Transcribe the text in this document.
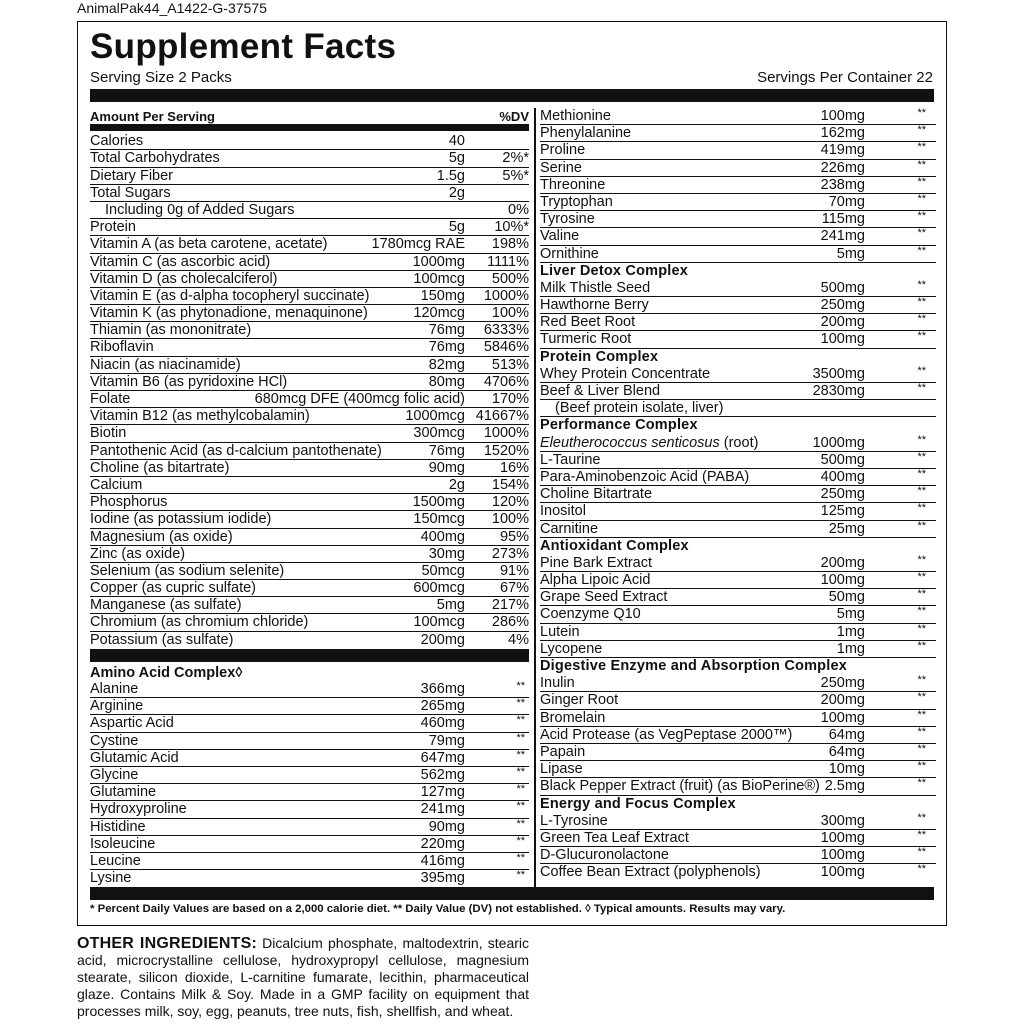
AnimalPak44_A1422-G-37575
Supplement Facts
Serving Size 2 Packs	Servings Per Container 22
Amount Per Serving	%DV
Calories	40
Total Carbohydrates	5g	2%*
Dietary Fiber	1.5g	5%*
Total Sugars	2g
Including 0g of Added Sugars	0%
Protein	5g 10%*
Vitamin A (as beta carotene, acetate)	1780mcg RAE 198%
Vitamin C (as ascorbic acid)	1000mg 1111%
Vitamin D (as cholecalciferol)	100mcg 500%
Vitamin E (as d-alpha tocopheryl succinate)	150mg 1000%
Vitamin K (as phytonadione, menaquinone)	120mcg 100%
Thiamin (as mononitrate)	76mg 6333%
Riboflavin	76mg 5846%
Niacin (as niacinamide)	82mg 513%
Vitamin B6 (as pyridoxine HCl)	80mg 4706%
Folate	680mcg DFE (400mcg folic acid) 170%
Vitamin B12 (as methylcobalamin)	1000mcg 41667%
Biotin	300mcg 1000%
Pantothenic Acid (as d-calcium pantothenate)	76mg 1520%
Choline (as bitartrate)	90mg 16%
Calcium	2g 154%
Phosphorus	1500mg 120%
Iodine (as potassium iodide)	150mcg 100%
Magnesium (as oxide)	400mg 95%
Zinc (as oxide)	30mg 273%
Selenium (as sodium selenite)	50mcg 91%
Copper (as cupric sulfate)	600mcg 67%
Manganese (as sulfate)	5mg 217%
Chromium (as chromium chloride)	100mcg 286%
Potassium (as sulfate)	200mg	4%
Amino Acid Complex◊
Alanine	366mg	**
Arginine	265mg	**
Aspartic Acid	460mg	**
Cystine	79mg	**
Glutamic Acid	647mg	**
Glycine	562mg	**
Glutamine	127mg	**
Hydroxyproline	241mg	**
Histidine	90mg	**
Isoleucine	220mg	**
Leucine	416mg	**
Lysine	395mg	**
Methionine	100mg	**
Phenylalanine	162mg	**
Proline	419mg	**
Serine	226mg	**
Threonine	238mg	**
Tryptophan	70mg	**
Tyrosine	115mg	**
Valine	241mg	**
Ornithine	5mg	**
Liver Detox Complex
Milk Thistle Seed	500mg	**
Hawthorne Berry	250mg	**
Red Beet Root	200mg	**
Turmeric Root	100mg	**
Protein Complex
Whey Protein Concentrate	3500mg	**
Beef & Liver Blend	2830mg	**
(Beef protein isolate, liver)
Performance Complex
Eleutherococcus senticosus (root)	1000mg	**
L-Taurine	500mg	**
Para-Aminobenzoic Acid (PABA)	400mg	**
Choline Bitartrate	250mg	**
Inositol	125mg	**
Carnitine	25mg	**
Antioxidant Complex
Pine Bark Extract	200mg	**
Alpha Lipoic Acid	100mg	**
Grape Seed Extract	50mg	**
Coenzyme Q10	5mg	**
Lutein	1mg	**
Lycopene	1mg	**
Digestive Enzyme and Absorption Complex
Inulin	250mg	**
Ginger Root	200mg	**
Bromelain	100mg	**
Acid Protease (as VegPeptase 2000™)	64mg	**
Papain	64mg	**
Lipase	10mg	**
Black Pepper Extract (fruit) (as BioPerine®) 2.5mg	**
Energy and Focus Complex
L-Tyrosine	300mg	**
Green Tea Leaf Extract	100mg	**
D-Glucuronolactone	100mg	**
Coffee Bean Extract (polyphenols)	100mg	**
* Percent Daily Values are based on a 2,000 calorie diet. ** Daily Value (DV) not established. ◊ Typical amounts. Results may vary.
OTHER INGREDIENTS: Dicalcium phosphate, maltodextrin, stearic acid, microcrystalline cellulose, hydroxypropyl cellulose, magnesium stearate, silicon dioxide, L-carnitine fumarate, lecithin, pharmaceutical glaze. Contains Milk & Soy. Made in a GMP facility on equipment that processes milk, soy, egg, peanuts, tree nuts, fish, shellfish, and wheat.
